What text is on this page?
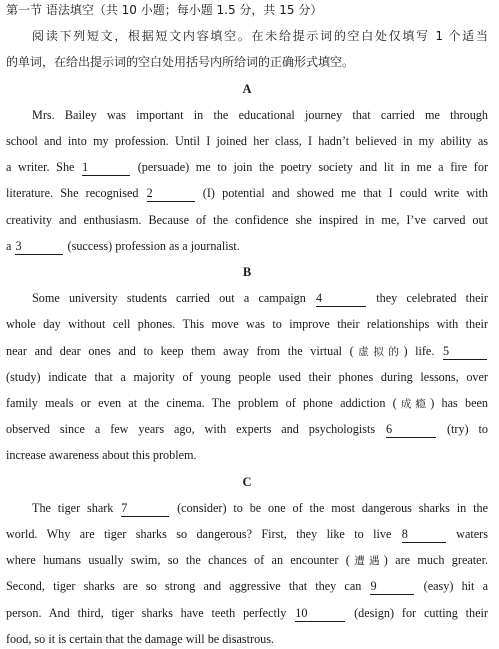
第一节 语法填空（共 10 小题；每小题 1.5 分，共 15 分）
阅读下列短文，根据短文内容填空。在未给提示词的空白处仅填写 1 个适当
的单词，在给出提示词的空白处用括号内所给词的正确形式填空。
A
Mrs. Bailey was important in the educational journey that carried me through
school and into my profession. Until I joined her class, I hadn’t believed in my ability as
a writer. She 1	(persuade) me to join the poetry society and lit in me a fire for
literature. She recognised 2	(I) potential and showed me that I could write with
creativity and enthusiasm. Because of the confidence she inspired in me, I’ve carved out
a 3	(success) profession as a journalist.
B
Some university students carried out a campaign 4	they celebrated their
whole day without cell phones. This move was to improve their relationships with their
near and dear ones and to keep them away from the virtual (虚拟的) life. 5
(study) indicate that a majority of young people used their phones during lessons, over
family meals or even at the cinema. The problem of phone addiction (成瘾) has been
observed since a few years ago, with experts and psychologists 6	(try) to
increase awareness about this problem.
C
The tiger shark 7	(consider) to be one of the most dangerous sharks in the
world. Why are tiger sharks so dangerous? First, they like to live 8	waters
where humans usually swim, so the chances of an encounter (遭遇) are much greater.
Second, tiger sharks are so strong and aggressive that they can 9	(easy) hit a
person. And third, tiger sharks have teeth perfectly 10	(design) for cutting their
food, so it is certain that the damage will be disastrous.
